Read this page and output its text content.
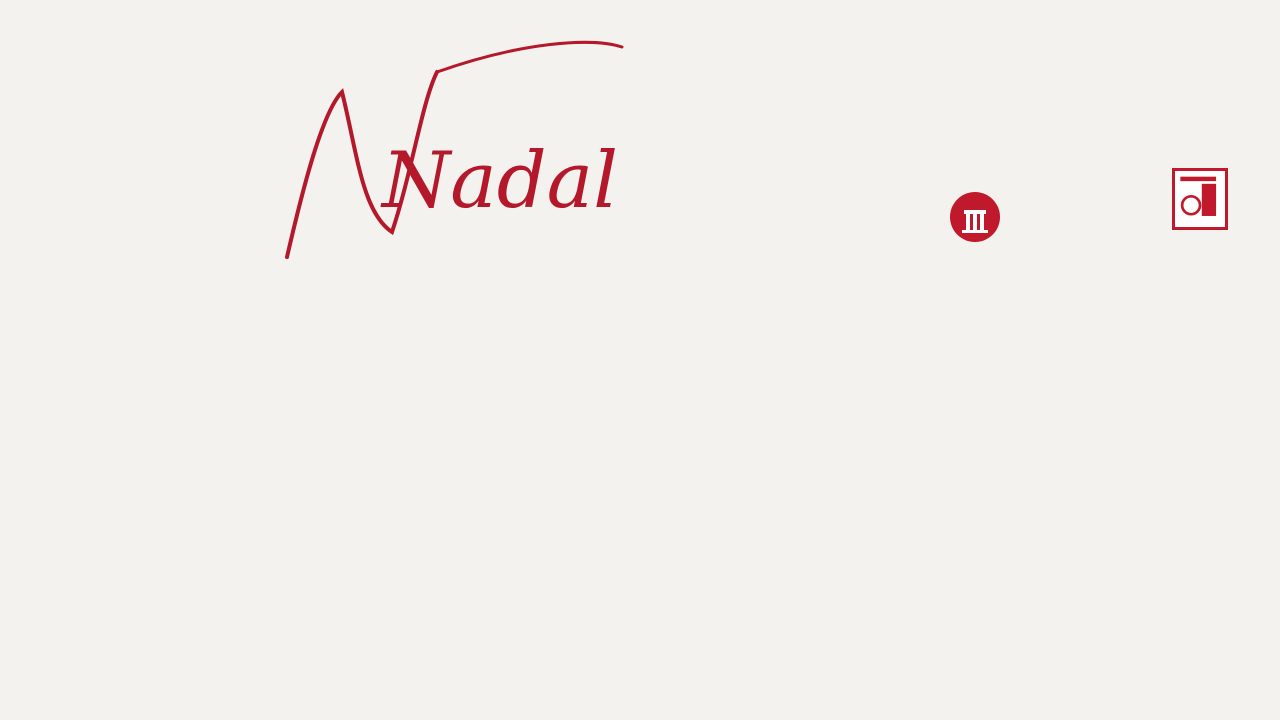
Nadal
